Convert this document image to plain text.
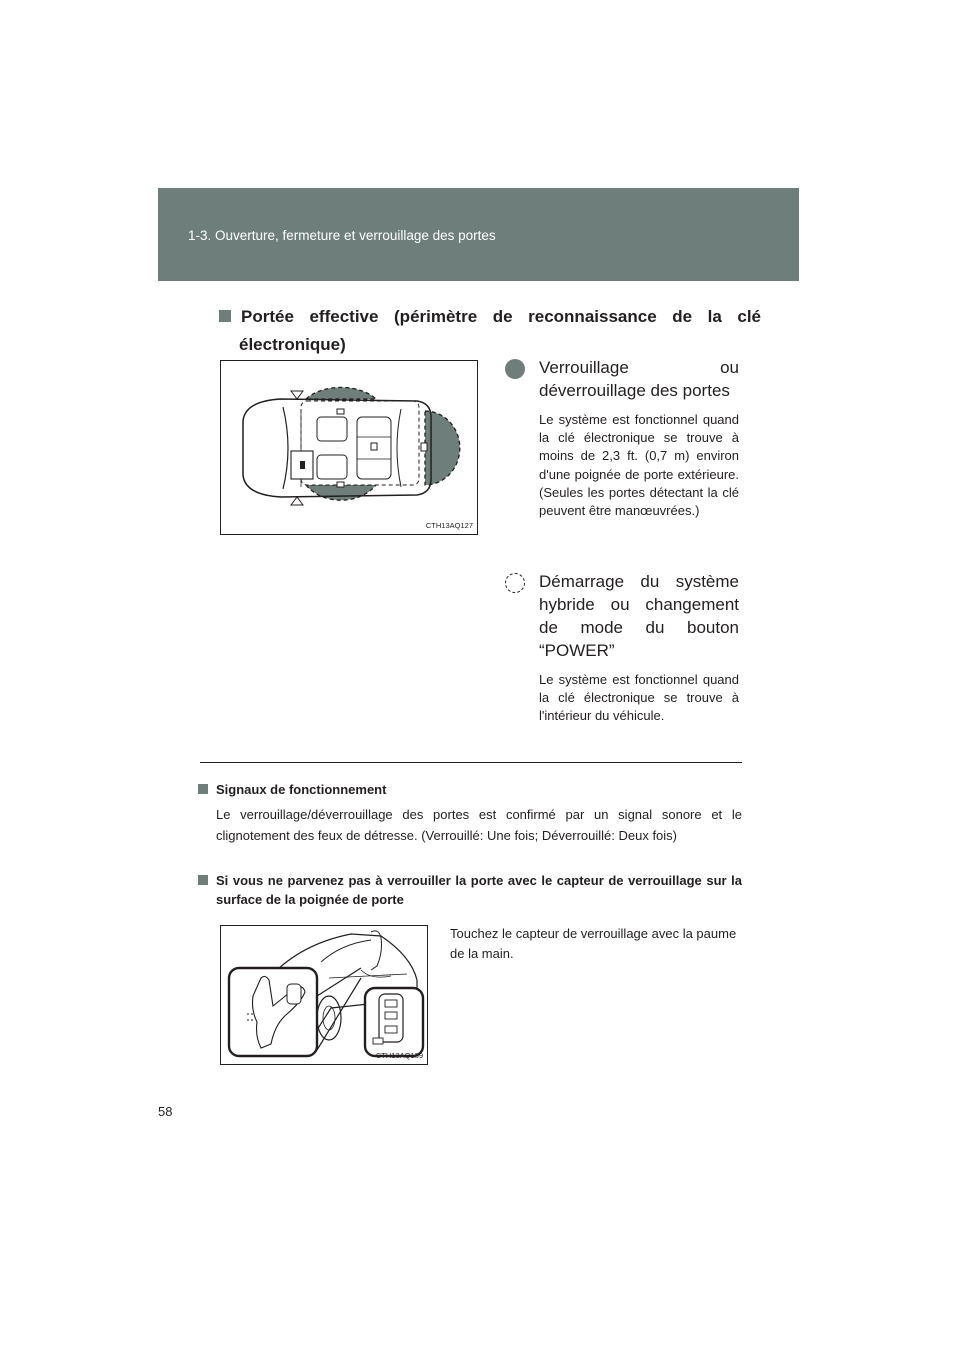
1-3. Ouverture, fermeture et verrouillage des portes
Portée effective (périmètre de reconnaissance de la clé électronique)
CTH13AQ127
Verrouillage ou déverrouillage des portes
Le système est fonctionnel quand la clé électronique se trouve à moins de 2,3 ft. (0,7 m) environ d'une poignée de porte extérieure. (Seules les portes détectant la clé peuvent être manœuvrées.)
Démarrage du système hybride ou changement de mode du bouton “POWER”
Le système est fonctionnel quand la clé électronique se trouve à l'intérieur du véhicule.
Signaux de fonctionnement
Le verrouillage/déverrouillage des portes est confirmé par un signal sonore et le clignotement des feux de détresse. (Verrouillé: Une fois; Déverrouillé: Deux fois)
Si vous ne parvenez pas à verrouiller la porte avec le capteur de verrouillage sur la surface de la poignée de porte
Touchez le capteur de verrouillage avec la paume de la main.
CTH13AQ139
58
